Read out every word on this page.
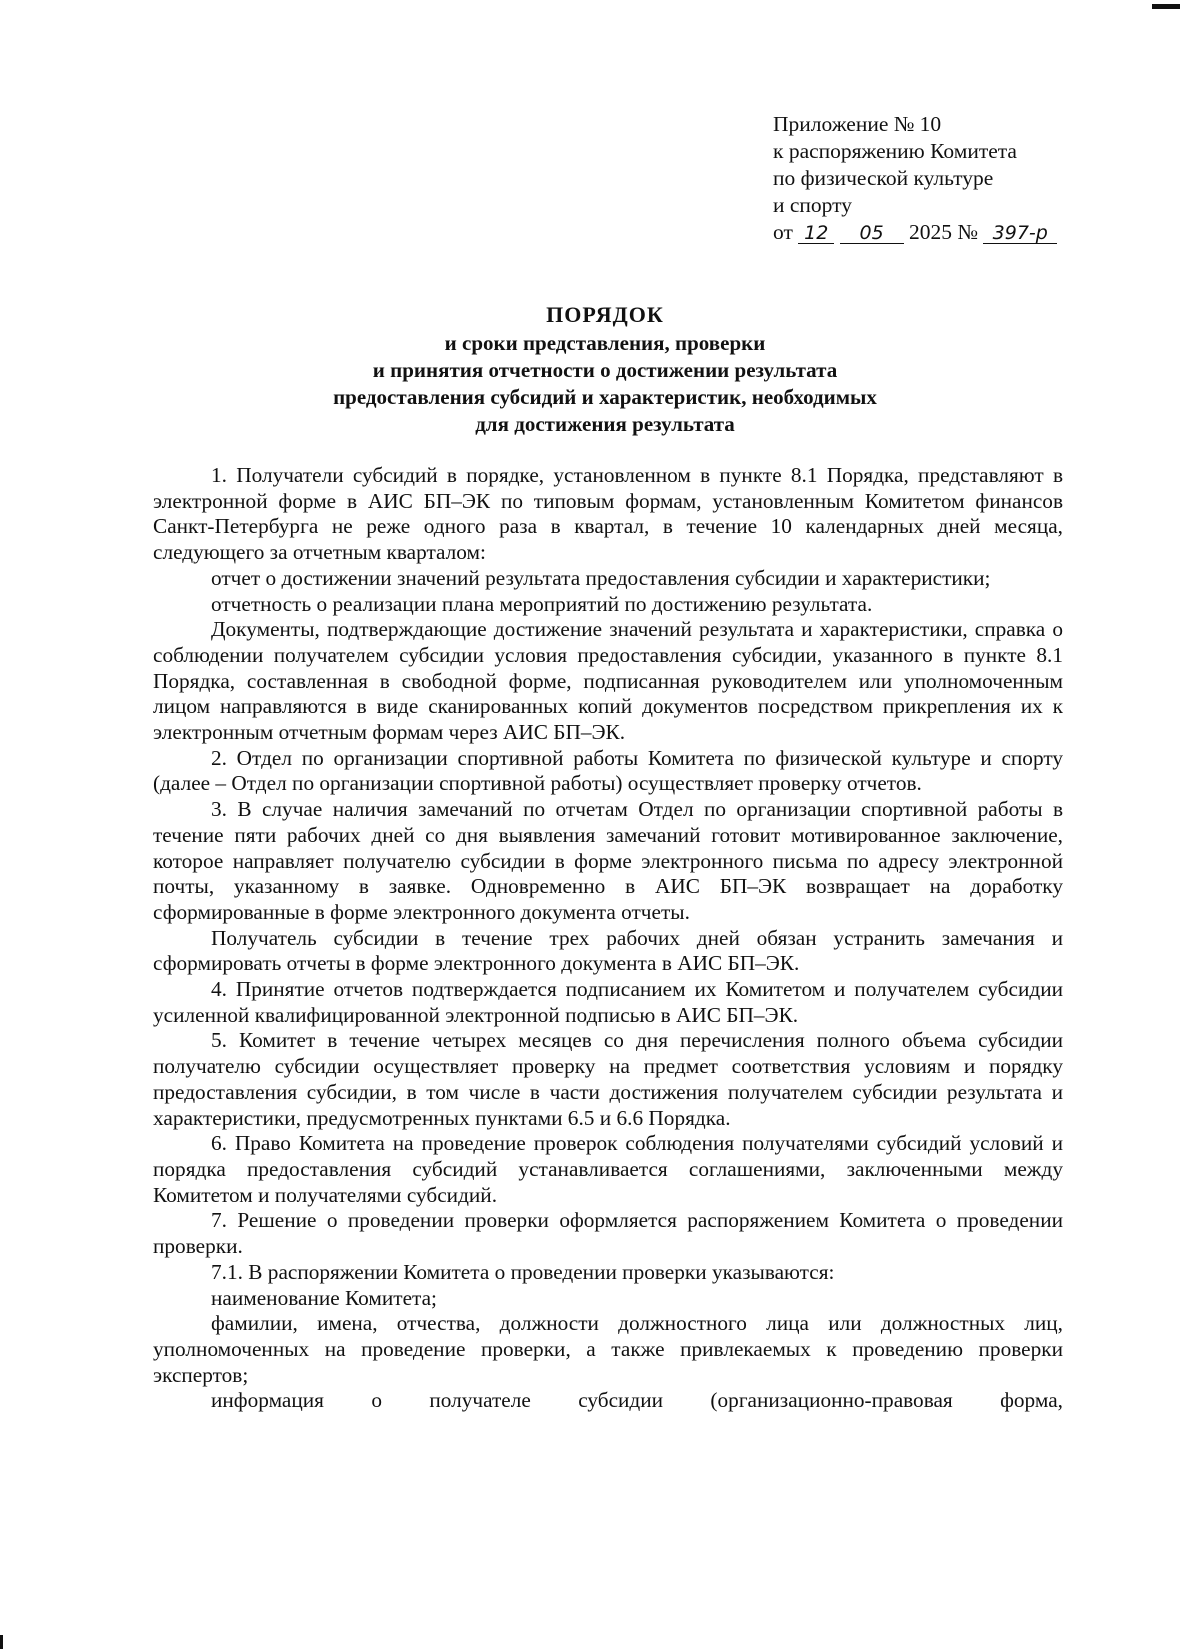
Приложение № 10
к распоряжению Комитета
по физической культуре
и спорту
от 12 05 2025 № 397-р
ПОРЯДОК
и сроки представления, проверки
и принятия отчетности о достижении результата
предоставления субсидий и характеристик, необходимых
для достижения результата

1. Получатели субсидий в порядке, установленном в пункте 8.1 Порядка, представляют в электронной форме в АИС БП–ЭК по типовым формам, установленным Комитетом финансов Санкт-Петербурга не реже одного раза в квартал, в течение 10 календарных дней месяца, следующего за отчетным кварталом:

отчет о достижении значений результата предоставления субсидии и характеристики;

отчетность о реализации плана мероприятий по достижению результата.

Документы, подтверждающие достижение значений результата и характеристики, справка о соблюдении получателем субсидии условия предоставления субсидии, указанного в пункте 8.1 Порядка, составленная в свободной форме, подписанная руководителем или уполномоченным лицом направляются в виде сканированных копий документов посредством прикрепления их к электронным отчетным формам через АИС БП–ЭК.

2. Отдел по организации спортивной работы Комитета по физической культуре и спорту (далее – Отдел по организации спортивной работы) осуществляет проверку отчетов.

3. В случае наличия замечаний по отчетам Отдел по организации спортивной работы в течение пяти рабочих дней со дня выявления замечаний готовит мотивированное заключение, которое направляет получателю субсидии в форме электронного письма по адресу электронной почты, указанному в заявке. Одновременно в АИС БП–ЭК возвращает на доработку сформированные в форме электронного документа отчеты.

Получатель субсидии в течение трех рабочих дней обязан устранить замечания и сформировать отчеты в форме электронного документа в АИС БП–ЭК.

4. Принятие отчетов подтверждается подписанием их Комитетом и получателем субсидии усиленной квалифицированной электронной подписью в АИС БП–ЭК.

5. Комитет в течение четырех месяцев со дня перечисления полного объема субсидии получателю субсидии осуществляет проверку на предмет соответствия условиям и порядку предоставления субсидии, в том числе в части достижения получателем субсидии результата и характеристики, предусмотренных пунктами 6.5 и 6.6 Порядка.

6. Право Комитета на проведение проверок соблюдения получателями субсидий условий и порядка предоставления субсидий устанавливается соглашениями, заключенными между Комитетом и получателями субсидий.

7. Решение о проведении проверки оформляется распоряжением Комитета о проведении проверки.

7.1. В распоряжении Комитета о проведении проверки указываются:

наименование Комитета;

фамилии, имена, отчества, должности должностного лица или должностных лиц, уполномоченных на проведение проверки, а также привлекаемых к проведению проверки экспертов;

информация о получателе субсидии (организационно-правовая форма,
